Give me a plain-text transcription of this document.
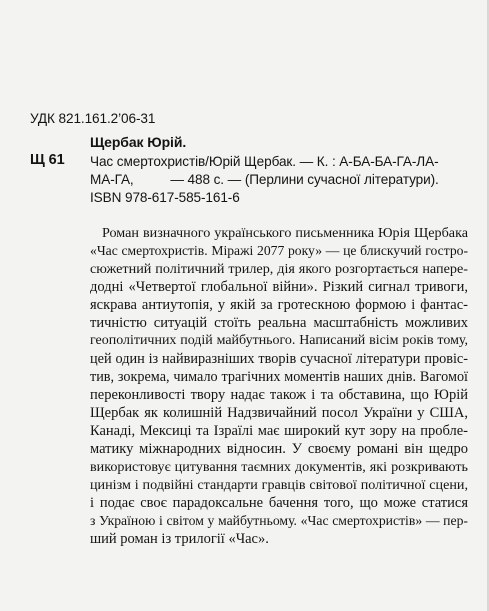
УДК 821.161.2’06-31
Щербак Юрій.
Щ 61 Час смертохристів/Юрій Щербак. — К. : А-БА-БА-ГА-ЛА-
МА-ГА,          — 488 с. — (Перлини сучасної літератури).
ISBN 978-617-585-161-6
Роман визначного українського письменника Юрія Щербака
«Час смертохристів. Міражі 2077 року» — це блискучий гостро-
сюжетний політичний трилер, дія якого розгортається напере-
додні «Четвертої глобальної війни». Різкий сигнал тривоги,
яскрава антиутопія, у якій за гротескною формою і фантас-
тичністю ситуацій стоїть реальна масштабність можливих
геополітичних подій майбутнього. Написаний вісім років тому,
цей один із найвиразніших творів сучасної літератури провіс-
тив, зокрема, чимало трагічних моментів наших днів. Вагомої
переконливості твору надає також і та обставина, що Юрій
Щербак як колишній Надзвичайний посол України у США,
Канаді, Мексиці та Ізраїлі має широкий кут зору на пробле-
матику міжнародних відносин. У своєму романі він щедро
використовує цитування таємних документів, які розкривають
цинізм і подвійні стандарти гравців світової політичної сцени,
і подає своє парадоксальне бачення того, що може статися
з Україною і світом у майбутньому. «Час смертохристів» — пер-
ший роман із трилогії «Час».
